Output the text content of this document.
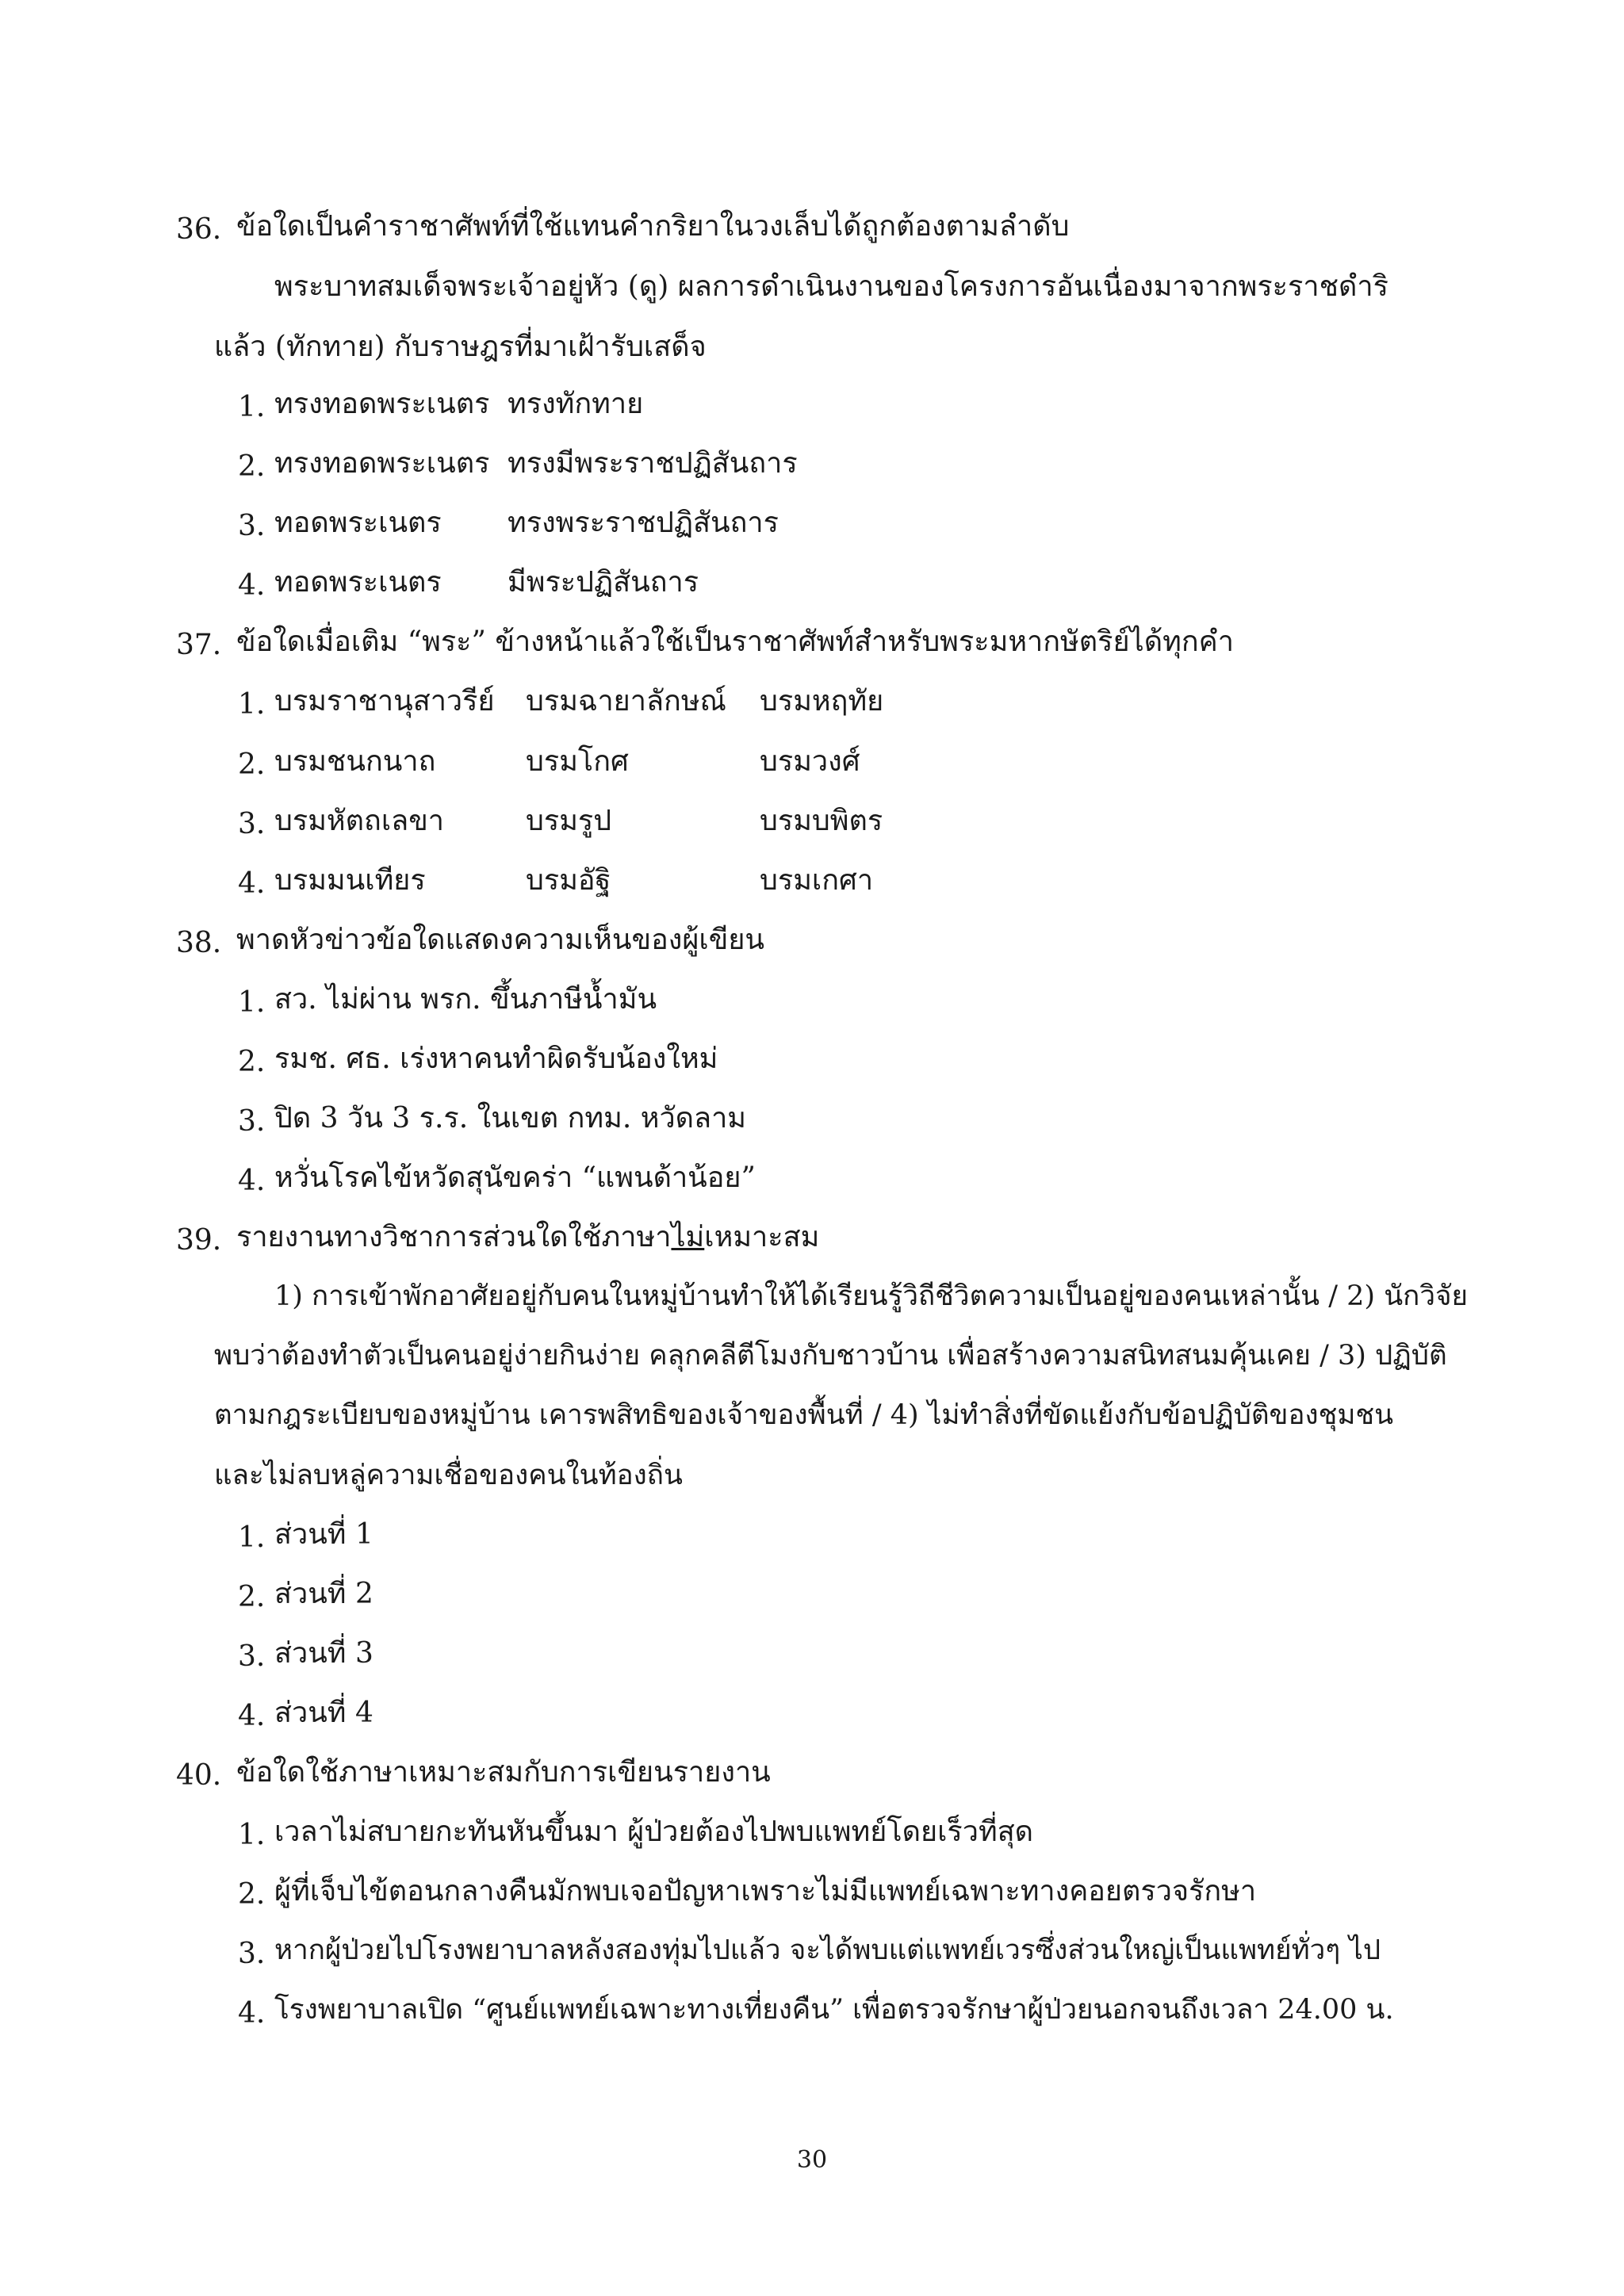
36. ข้อใดเป็นคำราชาศัพท์ที่ใช้แทนคำกริยาในวงเล็บได้ถูกต้องตามลำดับ
พระบาทสมเด็จพระเจ้าอยู่หัว (ดู) ผลการดำเนินงานของโครงการอันเนื่องมาจากพระราชดำริ
แล้ว (ทักทาย) กับราษฎรที่มาเฝ้ารับเสด็จ
1. ทรงทอดพระเนตร ทรงทักทาย
2. ทรงทอดพระเนตร ทรงมีพระราชปฏิสันถาร
3. ทอดพระเนตร ทรงพระราชปฏิสันถาร
4. ทอดพระเนตร มีพระปฏิสันถาร
37. ข้อใดเมื่อเติม “พระ” ข้างหน้าแล้วใช้เป็นราชาศัพท์สำหรับพระมหากษัตริย์ได้ทุกคำ
1. บรมราชานุสาวรีย์ บรมฉายาลักษณ์ บรมหฤทัย
2. บรมชนกนาถ	บรมโกศ	บรมวงศ์
3. บรมหัตถเลขา	บรมรูป	บรมบพิตร
4. บรมมนเทียร	บรมอัฐิ	บรมเกศา
38. พาดหัวข่าวข้อใดแสดงความเห็นของผู้เขียน
1. สว. ไม่ผ่าน พรก. ขึ้นภาษีน้ำมัน
2. รมช. ศธ. เร่งหาคนทำผิดรับน้องใหม่
3. ปิด 3 วัน 3 ร.ร. ในเขต กทม. หวัดลาม
4. หวั่นโรคไข้หวัดสุนัขคร่า “แพนด้าน้อย”
39. รายงานทางวิชาการส่วนใดใช้ภาษาไม่เหมาะสม
1) การเข้าพักอาศัยอยู่กับคนในหมู่บ้านทำให้ได้เรียนรู้วิถีชีวิตความเป็นอยู่ของคนเหล่านั้น / 2) นักวิจัย
พบว่าต้องทำตัวเป็นคนอยู่ง่ายกินง่าย คลุกคลีตีโมงกับชาวบ้าน เพื่อสร้างความสนิทสนมคุ้นเคย / 3) ปฏิบัติ
ตามกฎระเบียบของหมู่บ้าน เคารพสิทธิของเจ้าของพื้นที่ / 4) ไม่ทำสิ่งที่ขัดแย้งกับข้อปฏิบัติของชุมชน
และไม่ลบหลู่ความเชื่อของคนในท้องถิ่น
1. ส่วนที่ 1
2. ส่วนที่ 2
3. ส่วนที่ 3
4. ส่วนที่ 4
40. ข้อใดใช้ภาษาเหมาะสมกับการเขียนรายงาน
1. เวลาไม่สบายกะทันหันขึ้นมา ผู้ป่วยต้องไปพบแพทย์โดยเร็วที่สุด
2. ผู้ที่เจ็บไข้ตอนกลางคืนมักพบเจอปัญหาเพราะไม่มีแพทย์เฉพาะทางคอยตรวจรักษา
3. หากผู้ป่วยไปโรงพยาบาลหลังสองทุ่มไปแล้ว จะได้พบแต่แพทย์เวรซึ่งส่วนใหญ่เป็นแพทย์ทั่วๆ ไป
4. โรงพยาบาลเปิด “ศูนย์แพทย์เฉพาะทางเที่ยงคืน” เพื่อตรวจรักษาผู้ป่วยนอกจนถึงเวลา 24.00 น.
30
